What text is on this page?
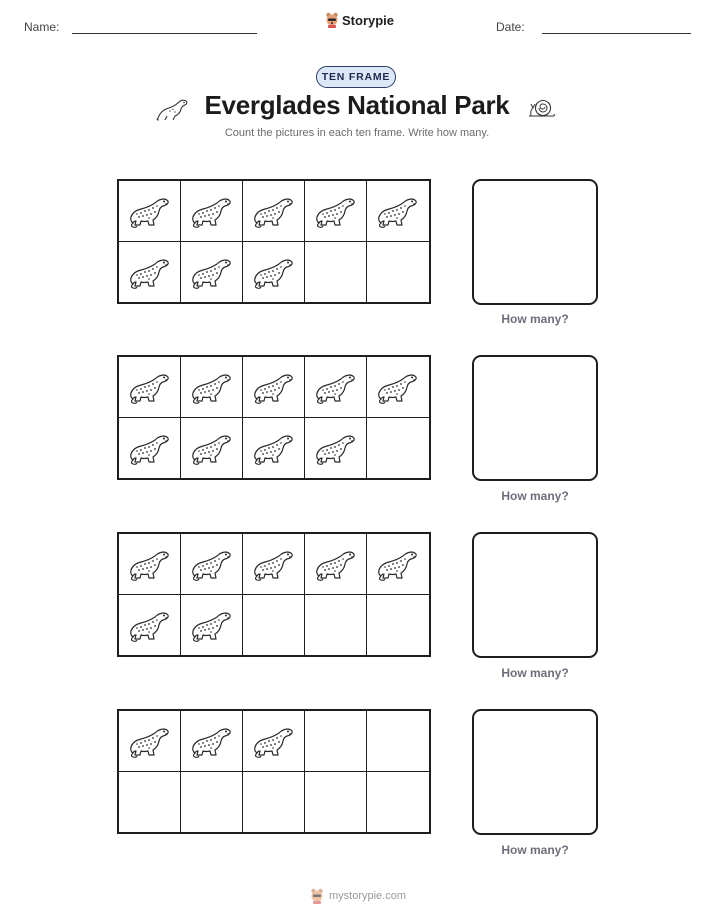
Name:	Storypie	Date:
TEN FRAME
Everglades National Park
Count the pictures in each ten frame. Write how many.
How many?
How many?
How many?
How many?
mystorypie.com
